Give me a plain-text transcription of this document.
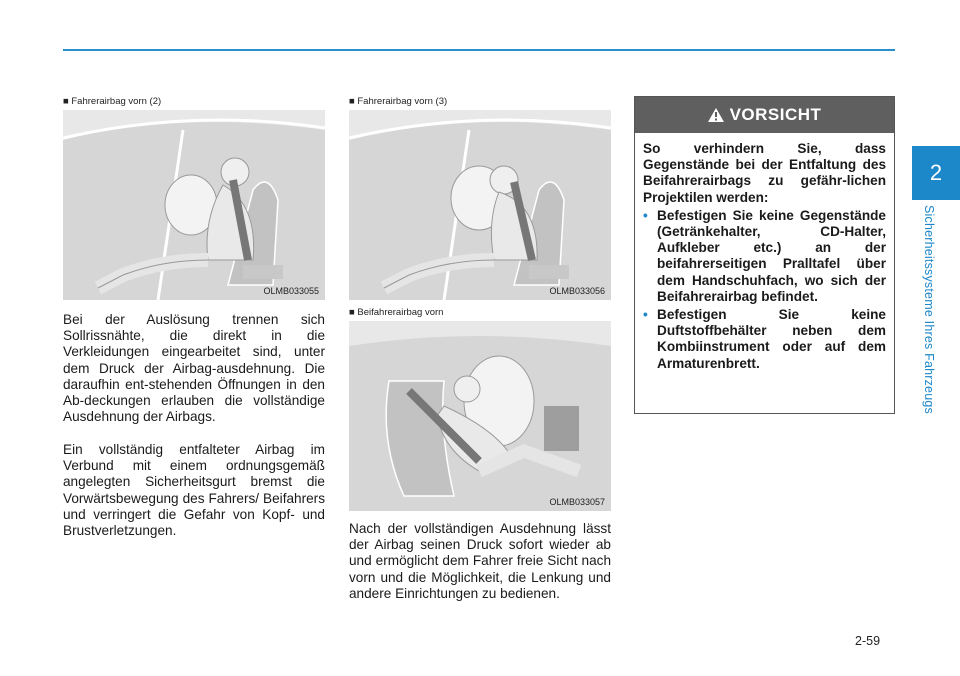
2
Sicherheitssysteme Ihres Fahrzeugs
■ Fahrerairbag vorn (2)
OLMB033055
■ Fahrerairbag vorn (3)
OLMB033056
■ Beifahrerairbag vorn
OLMB033057

Bei der Auslösung trennen sich Sollrissnähte, die direkt in die Verkleidungen eingearbeitet sind, unter dem Druck der Airbag-ausdehnung. Die daraufhin ent-stehenden Öffnungen in den Ab-deckungen erlauben die vollständige Ausdehnung der Airbags.

Ein vollständig entfalteter Airbag im Verbund mit einem ordnungsgemäß angelegten Sicherheitsgurt bremst die Vorwärtsbewegung des Fahrers/ Beifahrers und verringert die Gefahr von Kopf- und Brustverletzungen.	Nach der vollständigen Ausdehnung lässt der Airbag seinen Druck sofort wieder ab und ermöglicht dem Fahrer freie Sicht nach vorn und die Möglichkeit, die Lenkung und andere Einrichtungen zu bedienen.

VORSICHT

So verhindern Sie, dass Gegenstände bei der Entfaltung des Beifahrerairbags zu gefähr-lichen Projektilen werden:

• Befestigen Sie keine Gegenstände (Getränkehalter, CD-Halter, Aufkleber etc.) an der beifahrerseitigen Pralltafel über dem Handschuhfach, wo sich der Beifahrerairbag befindet.
• Befestigen Sie keine Duftstoffbehälter neben dem Kombiinstrument oder auf dem Armaturenbrett.
2-59
